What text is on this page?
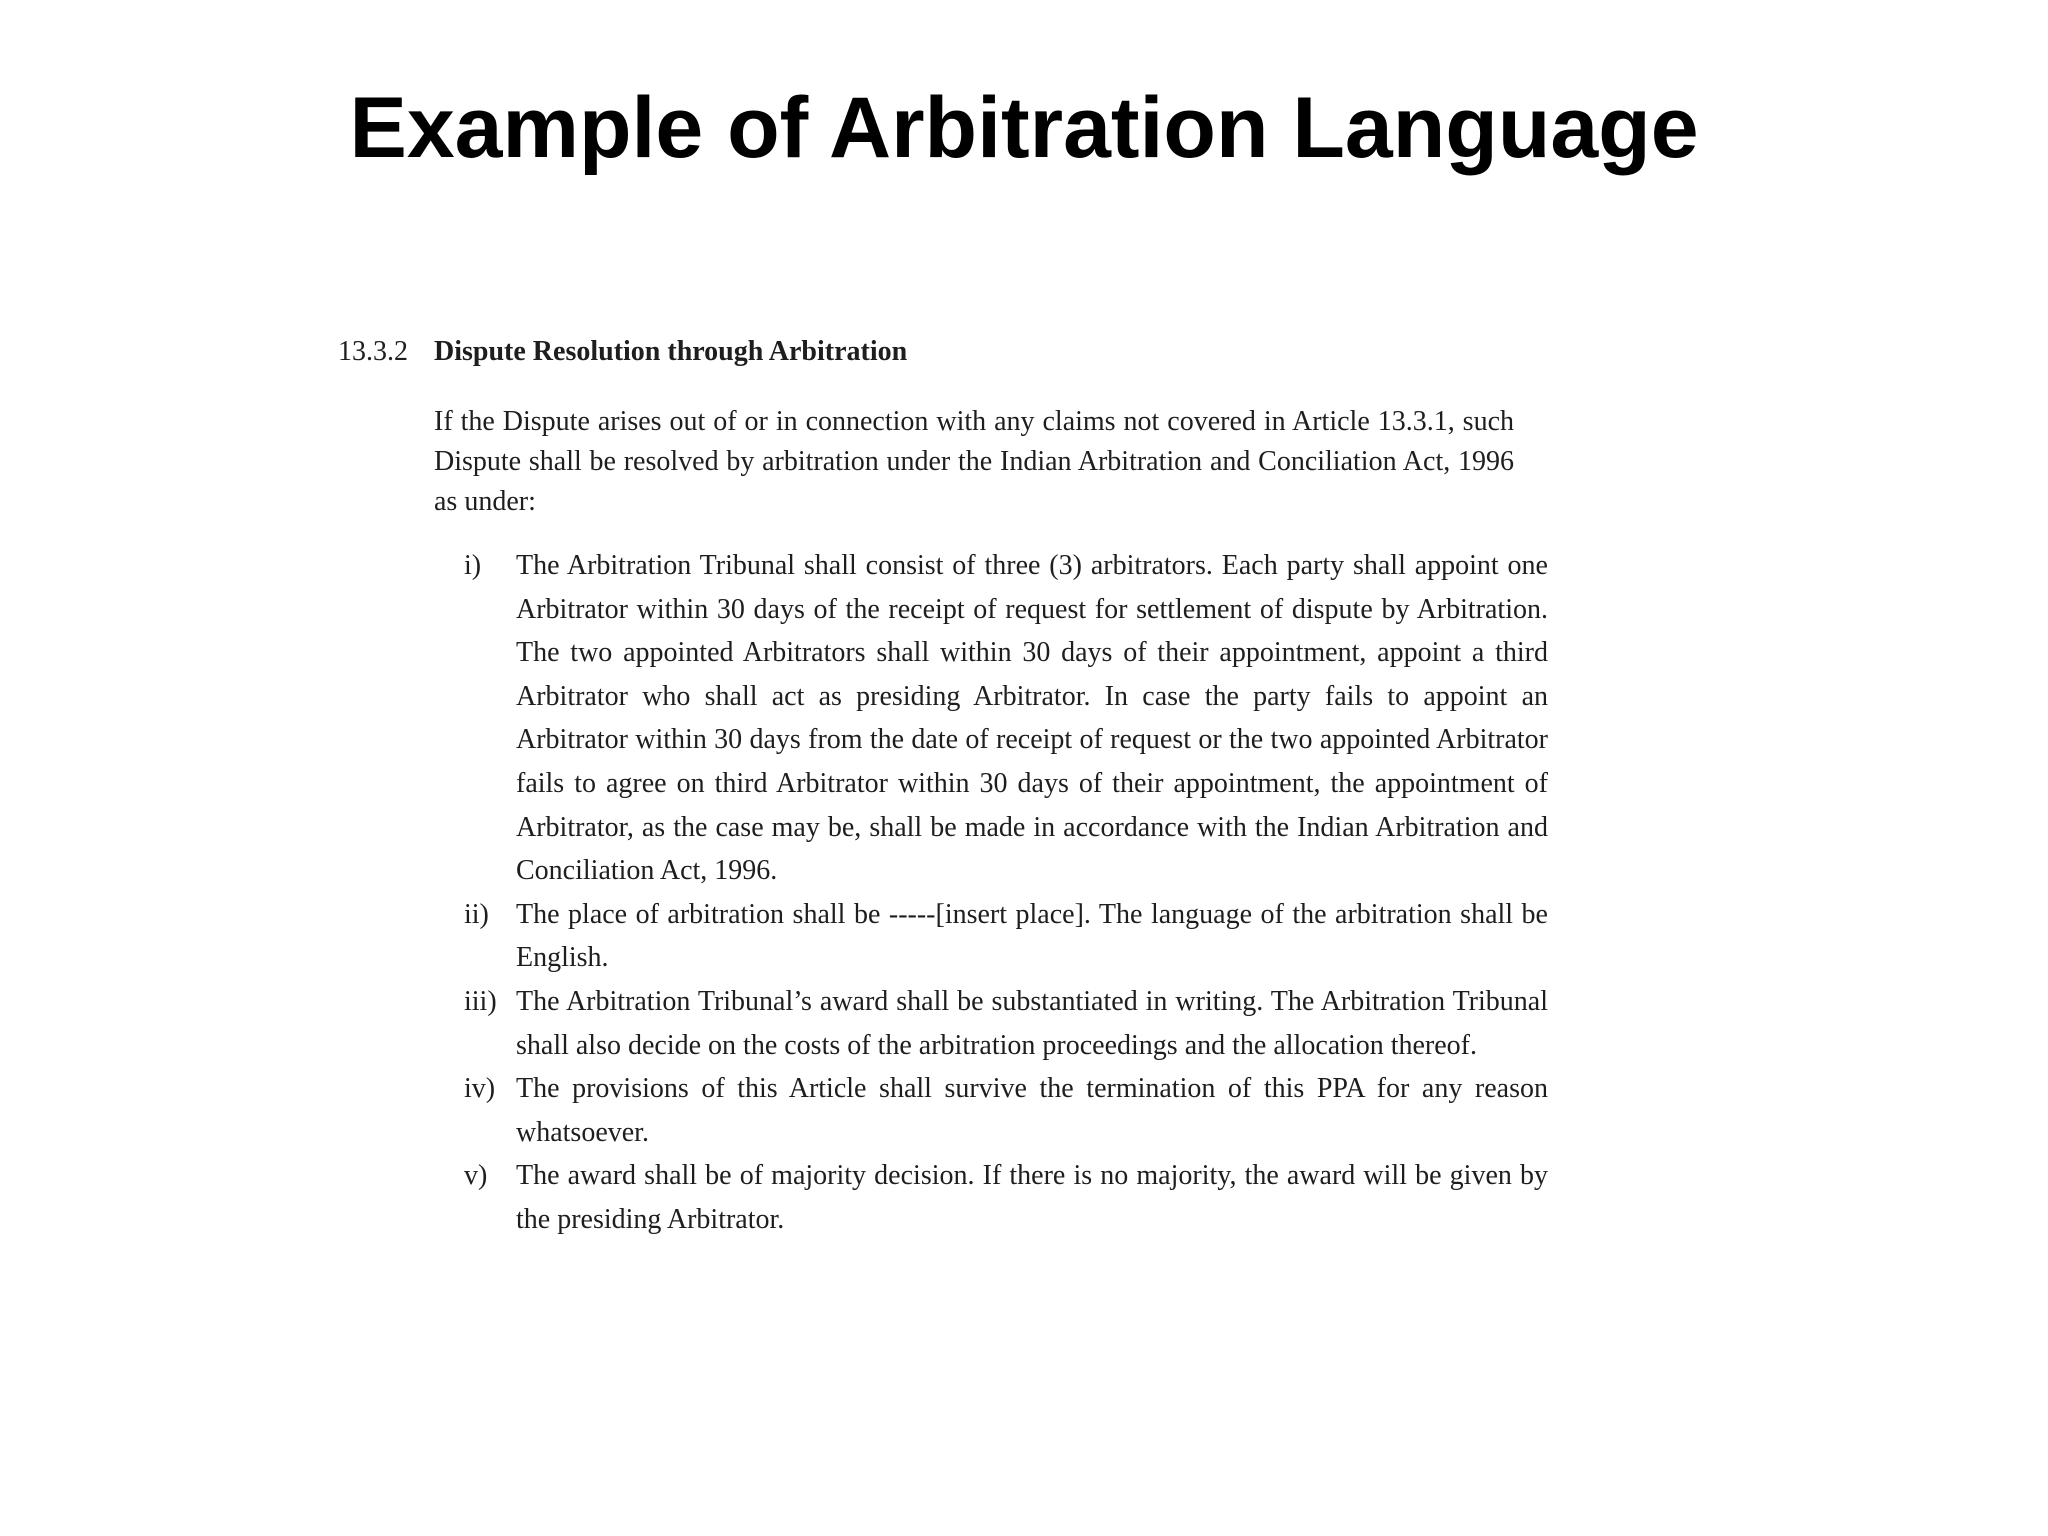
Example of Arbitration Language
13.3.2 Dispute Resolution through Arbitration

If the Dispute arises out of or in connection with any claims not covered in Article 13.3.1, such Dispute shall be resolved by arbitration under the Indian Arbitration and Conciliation Act, 1996 as under:

i)	The Arbitration Tribunal shall consist of three (3) arbitrators. Each party shall appoint one Arbitrator within 30 days of the receipt of request for settlement of dispute by Arbitration. The two appointed Arbitrators shall within 30 days of their appointment, appoint a third Arbitrator who shall act as presiding Arbitrator. In case the party fails to appoint an Arbitrator within 30 days from the date of receipt of request or the two appointed Arbitrator fails to agree on third Arbitrator within 30 days of their appointment, the appointment of Arbitrator, as the case may be, shall be made in accordance with the Indian Arbitration and Conciliation Act, 1996.
ii) The place of arbitration shall be -----[insert place]. The language of the arbitration shall be English.
iii) The Arbitration Tribunal’s award shall be substantiated in writing. The Arbitration Tribunal shall also decide on the costs of the arbitration proceedings and the allocation thereof.
iv) The provisions of this Article shall survive the termination of this PPA for any reason whatsoever.
v)	The award shall be of majority decision. If there is no majority, the award will be given by the presiding Arbitrator.
